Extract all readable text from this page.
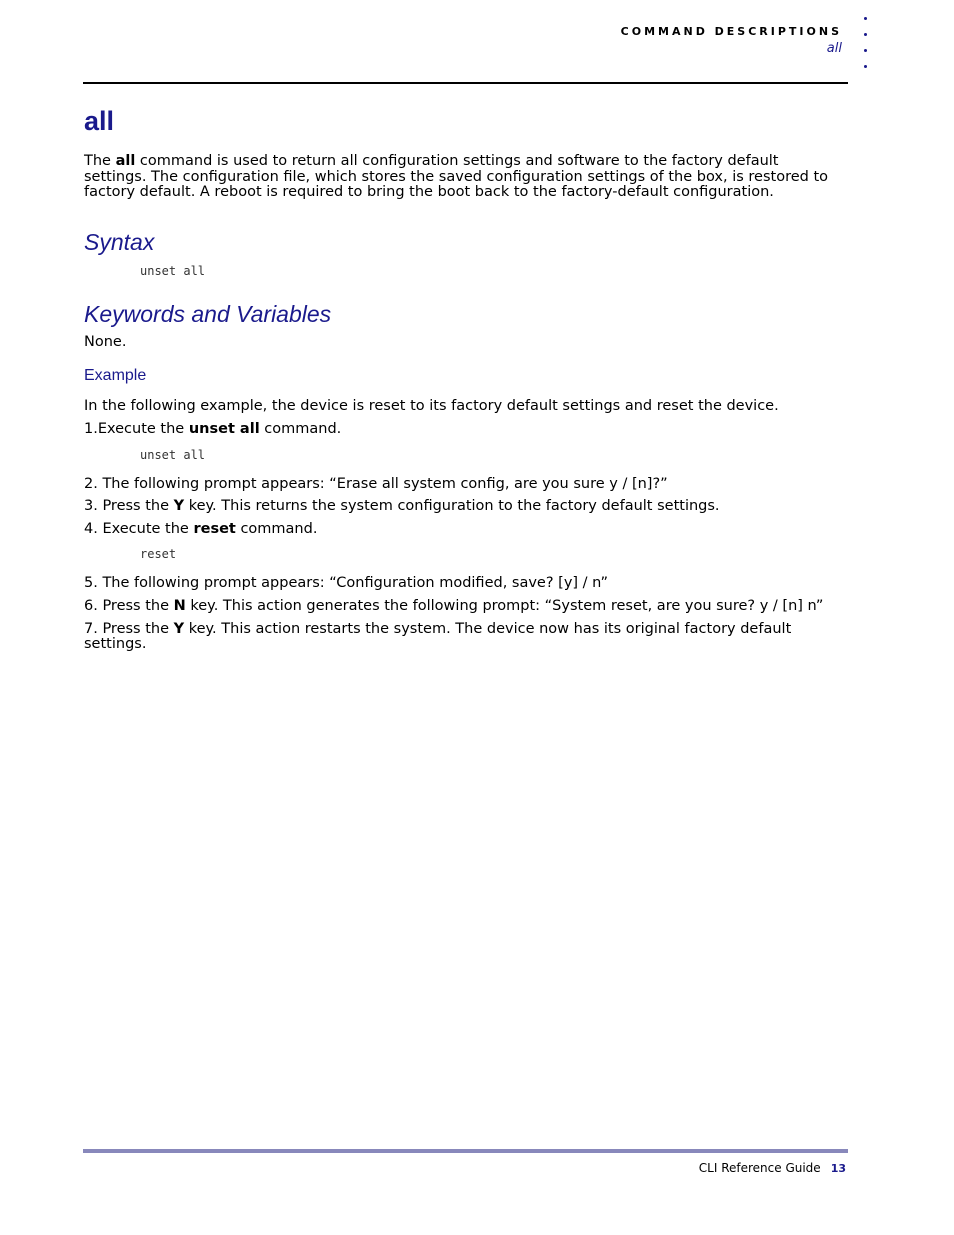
COMMAND DESCRIPTIONS
all
all

The all command is used to return all configuration settings and software to the factory default settings. The configuration file, which stores the saved configuration settings of the box, is restored to factory default. A reboot is required to bring the boot back to the factory-default configuration.

Syntax
unset all
Keywords and Variables

None.

Example

In the following example, the device is reset to its factory default settings and reset the device.

1.Execute the unset all command.

unset all

2. The following prompt appears: “Erase all system config, are you sure y / [n]?”

3. Press the Y key. This returns the system configuration to the factory default settings.

4. Execute the reset command.

reset

5. The following prompt appears: “Configuration modified, save? [y] / n”

6. Press the N key. This action generates the following prompt: “System reset, are you sure? y / [n] n”

7. Press the Y key. This action restarts the system. The device now has its original factory default settings.

CLI Reference Guide 13
